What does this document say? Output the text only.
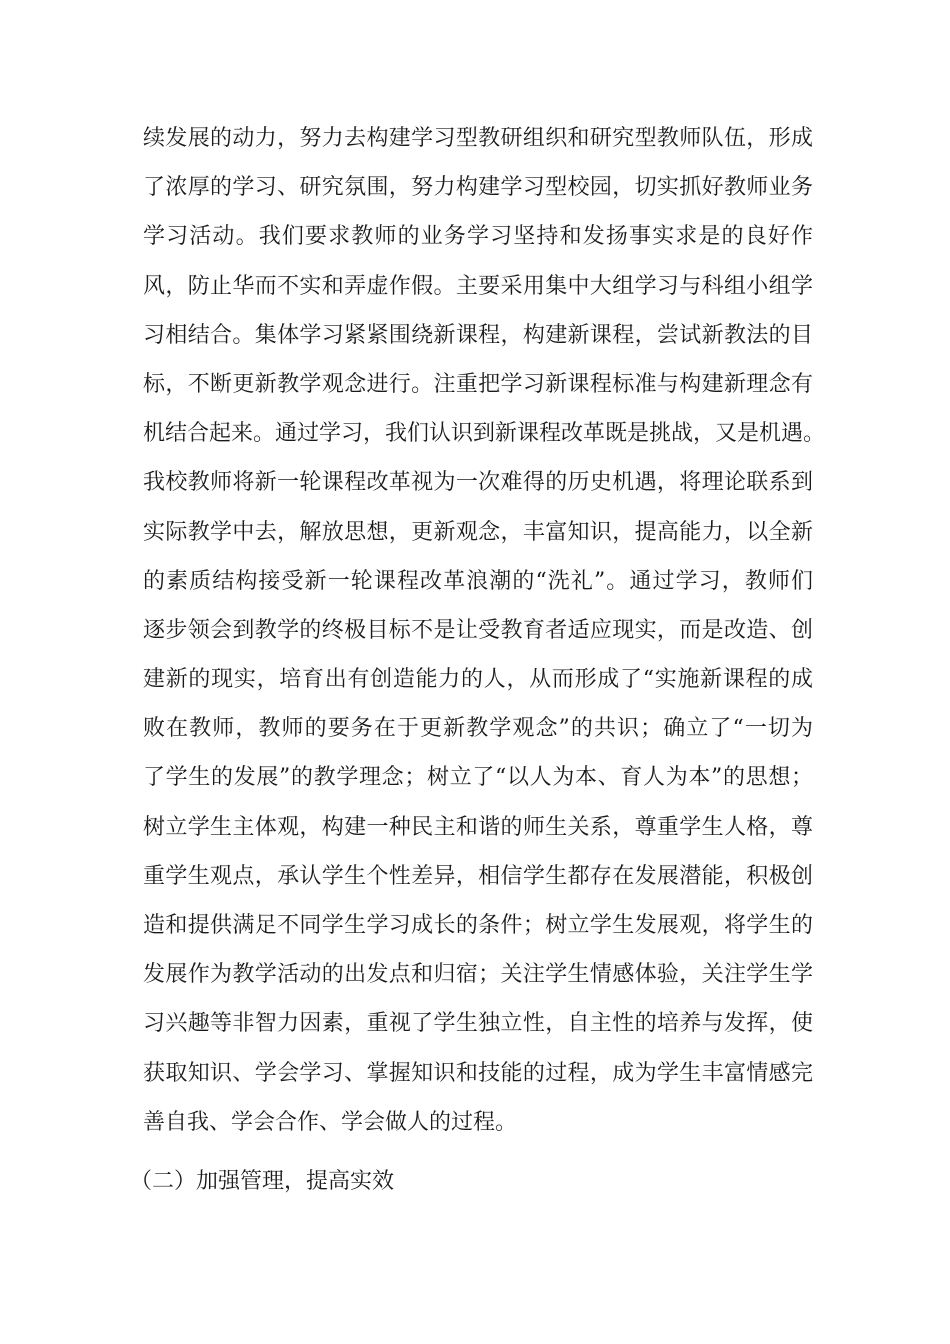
续发展的动力，努力去构建学习型教研组织和研究型教师队伍，形成
了浓厚的学习、研究氛围，努力构建学习型校园，切实抓好教师业务
学习活动。我们要求教师的业务学习坚持和发扬事实求是的良好作
风，防止华而不实和弄虚作假。主要采用集中大组学习与科组小组学
习相结合。集体学习紧紧围绕新课程，构建新课程，尝试新教法的目
标，不断更新教学观念进行。注重把学习新课程标准与构建新理念有
机结合起来。通过学习，我们认识到新课程改革既是挑战，又是机遇。
我校教师将新一轮课程改革视为一次难得的历史机遇，将理论联系到
实际教学中去，解放思想，更新观念，丰富知识，提高能力，以全新
的素质结构接受新一轮课程改革浪潮的“洗礼”。通过学习，教师们
逐步领会到教学的终极目标不是让受教育者适应现实，而是改造、创
建新的现实，培育出有创造能力的人，从而形成了“实施新课程的成
败在教师，教师的要务在于更新教学观念”的共识；确立了“一切为
了学生的发展”的教学理念；树立了“以人为本、育人为本”的思想；
树立学生主体观，构建一种民主和谐的师生关系，尊重学生人格，尊
重学生观点，承认学生个性差异，相信学生都存在发展潜能，积极创
造和提供满足不同学生学习成长的条件；树立学生发展观，将学生的
发展作为教学活动的出发点和归宿；关注学生情感体验，关注学生学
习兴趣等非智力因素，重视了学生独立性，自主性的培养与发挥，使
获取知识、学会学习、掌握知识和技能的过程，成为学生丰富情感完
善自我、学会合作、学会做人的过程。
（二）加强管理，提高实效
